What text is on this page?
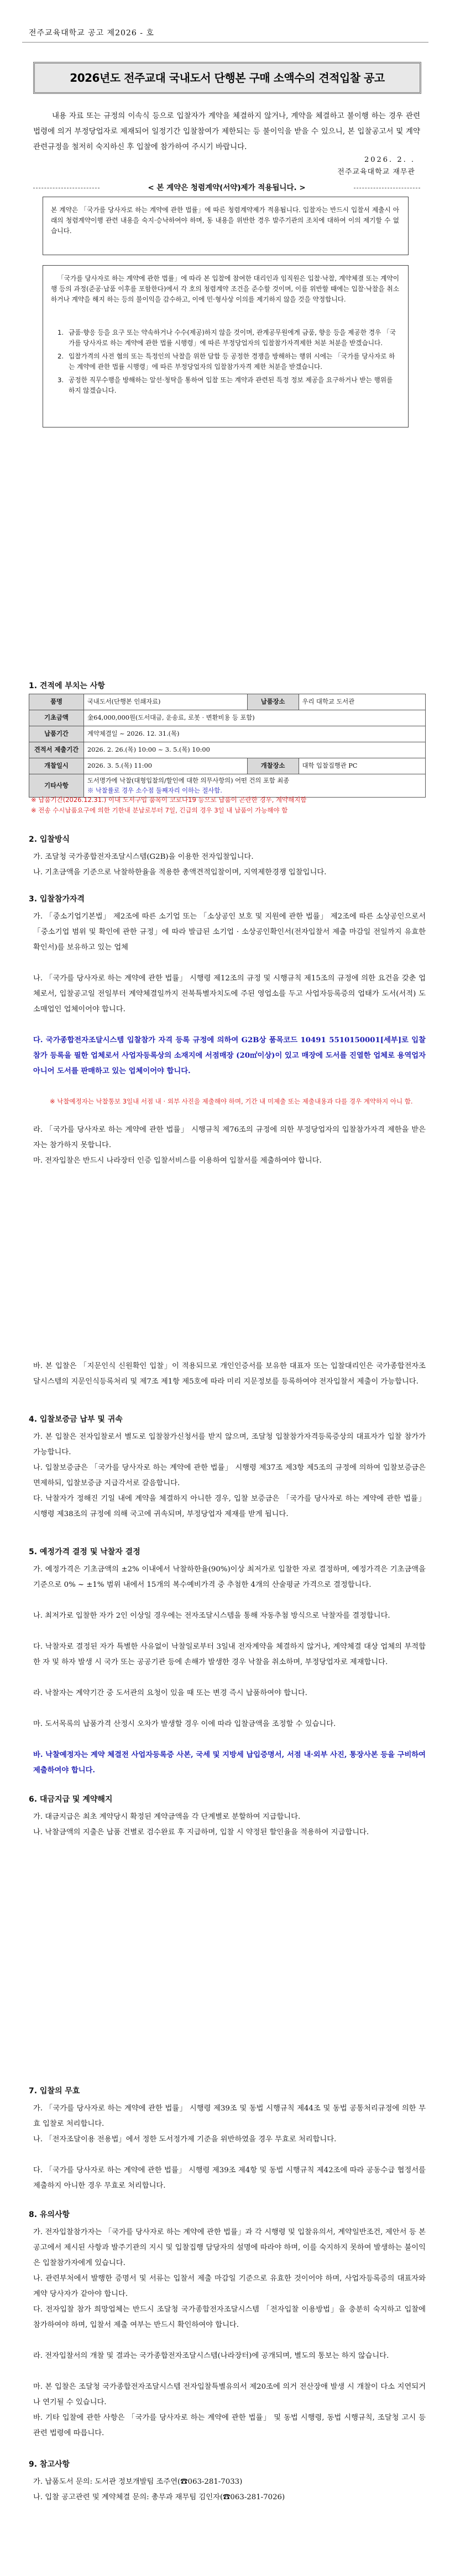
전주교육대학교 공고 제2026 - 호
2026년도 전주교대 국내도서 단행본 구매 소액수의 견적입찰 공고
내용 자료 또는 규정의 이속식 등으로 입찰자가 계약을 체결하지 않거나, 계약을 체결하고 불이행 하는 경우 관련 법령에 의거 부정당업자로 제재되어 일정기간 입찰참여가 제한되는 등 불이익을 받을 수 있으니, 본 입찰공고서 및 계약관련규정을 철저히 숙지하신 후 입찰에 참가하여 주시기 바랍니다.
2026. 2. .
전주교육대학교 재무관
< 본 계약은 청렴계약(서약)제가 적용됩니다. >
본 계약은 「국가를 당사자로 하는 계약에 관한 법률」에 따른 청렴계약제가 적용됩니다. 입찰자는 반드시 입찰서 제출시 아래의 청렴계약이행 관련 내용을 숙지·승낙하여야 하며, 동 내용을 위반한 경우 발주기관의 조치에 대하여 이의 제기할 수 없습니다.
「국가를 당사자로 하는 계약에 관한 법률」에 따라 본 입찰에 참여한 대리인과 임직원은 입찰·낙찰, 계약체결 또는 계약이행 등의 과정(준공·납품 이후를 포함한다)에서 각 호의 청렴계약 조건을 준수할 것이며, 이를 위반할 때에는 입찰·낙찰을 취소하거나 계약을 해지 하는 등의 불이익을 감수하고, 이에 민·형사상 이의를 제기하지 않을 것을 약정합니다.
1. 금품·향응 등을 요구 또는 약속하거나 수수(제공)하지 않을 것이며, 관계공무원에게 금품, 향응 등을 제공한 경우 「국가를 당사자로 하는 계약에 관한 법률 시행령」에 따른 부정당업자의 입찰참가자격제한 처분 처분을 받겠습니다.
2. 입찰가격의 사전 협의 또는 특정인의 낙찰을 위한 담합 등 공정한 경쟁을 방해하는 행위 시에는 「국가를 당사자로 하는 계약에 관한 법률 시행령」에 따른 부정당업자의 입찰참가자격 제한 처분을 받겠습니다.
3. 공정한 직무수행을 방해하는 알선·청탁을 통하여 입찰 또는 계약과 관련된 특정 정보 제공을 요구하거나 받는 행위를 하지 않겠습니다.
1. 견적에 부치는 사항
품명	국내도서(단행본 인쇄자료)	납품장소	우리 대학교 도서관
기초금액	金64,000,000원(도서대금, 운송료, 로봇 · 변환비용 등 포함)		
납품기간	계약체결일 ~ 2026. 12. 31.(목)		
견적서 제출기간	2026. 2. 26.(목) 10:00 ~ 3. 5.(목) 10:00		
개찰일시	2026. 3. 5.(목) 11:00	개찰장소	대학 입찰집행관 PC
기타사항	도서명가에 낙찰(대형입찰의/할인에 대한 의무사항의) 어떤 건의 포함 최종
※ 낙찰률로 경우 소수점 둘째자리 이하는 절사함.		
※ 납품기간(2026.12.31.) 이내 도서구입 품목이 코로나19 등으로 납품이 곤란한 경우, 계약해지함
※ 전송 수시납품요구에 의한 기한내 분납로부터 7일, 긴급의 경우 3일 내 납품이 가능해야 함
2. 입찰방식
가. 조달청 국가종합전자조달시스템(G2B)을 이용한 전자입찰입니다.
나. 기초금액을 기준으로 낙찰하한율을 적용한 총액견적입찰이며, 지역제한경쟁 입찰입니다.
3. 입찰참가자격
가. 「중소기업기본법」 제2조에 따른 소기업 또는 「소상공인 보호 및 지원에 관한 법률」 제2조에 따른 소상공인으로서 「중소기업 범위 및 확인에 관한 규정」에 따라 발급된 소기업 · 소상공인확인서(전자입찰서 제출 마감일 전일까지 유효한 확인서)를 보유하고 있는 업체
나. 「국가를 당사자로 하는 계약에 관한 법률」 시행령 제12조의 규정 및 시행규칙 제15조의 규정에 의한 요건을 갖춘 업체로서, 입찰공고일 전일부터 계약체결일까지 전북특별자치도에 주된 영업소를 두고 사업자등록증의 업태가 도서(서적) 도소매업인 업체이어야 합니다.
다. 국가종합전자조달시스템 입찰참가 자격 등록 규정에 의하여 G2B상 품목코드 10491 5510150001[세부]로 입찰참가 등록을 필한 업체로서 사업자등록상의 소재지에 서점매장 (20㎡이상)이 있고 매장에 도서를 진열한 업체로 용역업자아니어 도서를 판매하고 있는 업체이어야 합니다.
※ 낙찰예정자는 낙찰통보 3일내 서점 내 · 외부 사진을 제출해야 하며, 기간 내 미제출 또는 제출내용과 다를 경우 계약하지 아니 함.
라. 「국가를 당사자로 하는 계약에 관한 법률」 시행규칙 제76조의 규정에 의한 부정당업자의 입찰참가자격 제한을 받은 자는 참가하지 못합니다.
마. 전자입찰은 반드시 나라장터 인증 입찰서비스를 이용하여 입찰서를 제출하여야 합니다.
바. 본 입찰은 「지문인식 신원확인 입찰」이 적용되므로 개인인증서를 보유한 대표자 또는 입찰대리인은 국가종합전자조달시스템의 지문인식등록처리 및 제7조 제1항 제5호에 따라 미리 지문정보를 등록하여야 전자입찰서 제출이 가능합니다.
4. 입찰보증금 납부 및 귀속
가. 본 입찰은 전자입찰로서 별도로 입찰참가신청서를 받지 않으며, 조달청 입찰참가자격등록증상의 대표자가 입찰 참가가 가능합니다.
나. 입찰보증금은 「국가를 당사자로 하는 계약에 관한 법률」 시행령 제37조 제3항 제5조의 규정에 의하여 입찰보증금은 면제하되, 입찰보증금 지급각서로 갈음합니다.
다. 낙찰자가 정해진 기일 내에 계약을 체결하지 아니한 경우, 입찰 보증금은 「국가를 당사자로 하는 계약에 관한 법률」 시행령 제38조의 규정에 의해 국고에 귀속되며, 부정당업자 제재를 받게 됩니다.
5. 예정가격 결정 및 낙찰자 결정
가. 예정가격은 기초금액의 ±2% 이내에서 낙찰하한율(90%)이상 최저가로 입찰한 자로 결정하며, 예정가격은 기초금액을 기준으로 0% ~ ±1% 범위 내에서 15개의 복수예비가격 중 추첨한 4개의 산술평균 가격으로 결정합니다.
나. 최저가로 입찰한 자가 2인 이상일 경우에는 전자조달시스템을 통해 자동추첨 방식으로 낙찰자를 결정합니다.
다. 낙찰자로 결정된 자가 특별한 사유없이 낙찰일로부터 3일내 전자계약을 체결하지 않거나, 계약체결 대상 업체의 부적합한 자 및 하자 발생 시 국가 또는 공공기관 등에 손해가 발생한 경우 낙찰을 취소하며, 부정당업자로 제재합니다.
라. 낙찰자는 계약기간 중 도서관의 요청이 있을 때 또는 변경 즉시 납품하여야 합니다.
마. 도서목록의 납품가격 산정시 오차가 발생할 경우 이에 따라 입찰금액을 조정할 수 있습니다.
바. 낙찰예정자는 계약 체결전 사업자등록증 사본, 국세 및 지방세 납입증명서, 서점 내·외부 사진, 통장사본 등을 구비하여 제출하여야 합니다.
6. 대금지급 및 계약해지
가. 대금지급은 최초 계약당시 확정된 계약금액을 각 단계별로 분할하여 지급합니다.
나. 낙찰금액의 지출은 납품 건별로 검수완료 후 지급하며, 입찰 시 약정된 할인율을 적용하여 지급합니다.
7. 입찰의 무효
가. 「국가를 당사자로 하는 계약에 관한 법률」 시행령 제39조 및 동법 시행규칙 제44조 및 동법 공통처리규정에 의한 무효 입찰로 처리합니다.
나. 「전자조달이용 전용법」에서 정한 도서정가제 기준을 위반하였을 경우 무효로 처리합니다.
다. 「국가를 당사자로 하는 계약에 관한 법률」 시행령 제39조 제4항 및 동법 시행규칙 제42조에 따라 공동수급 협정서를 제출하지 아니한 경우 무효로 처리합니다.
8. 유의사항
가. 전자입찰참가자는 「국가를 당사자로 하는 계약에 관한 법률」과 각 시행령 및 입찰유의서, 계약일반조건, 제안서 등 본 공고에서 제시된 사항과 발주기관의 지시 및 입찰집행 담당자의 설명에 따라야 하며, 이를 숙지하지 못하여 발생하는 불이익은 입찰참가자에게 있습니다.
나. 관련부처에서 발행한 증명서 및 서류는 입찰서 제출 마감일 기준으로 유효한 것이어야 하며, 사업자등록증의 대표자와 계약 당사자가 같아야 합니다.
다. 전자입찰 참가 희망업체는 반드시 조달청 국가종합전자조달시스템 「전자입찰 이용방법」을 충분히 숙지하고 입찰에 참가하여야 하며, 입찰서 제출 여부는 반드시 확인하여야 합니다.
라. 전자입찰서의 개찰 및 결과는 국가종합전자조달시스템(나라장터)에 공개되며, 별도의 통보는 하지 않습니다.
마. 본 입찰은 조달청 국가종합전자조달시스템 전자입찰특별유의서 제20조에 의거 전산장애 발생 시 개찰이 다소 지연되거나 연기될 수 있습니다.
바. 기타 입찰에 관한 사항은 「국가를 당사자로 하는 계약에 관한 법률」 및 동법 시행령, 동법 시행규칙, 조달청 고시 등 관련 법령에 따릅니다.
9. 참고사항
가. 납품도서 문의: 도서관 정보개발팀 조주연(☎063-281-7033)
나. 입찰 공고관련 및 계약체결 문의: 총무과 재무팀 김인자(☎063-281-7026)
